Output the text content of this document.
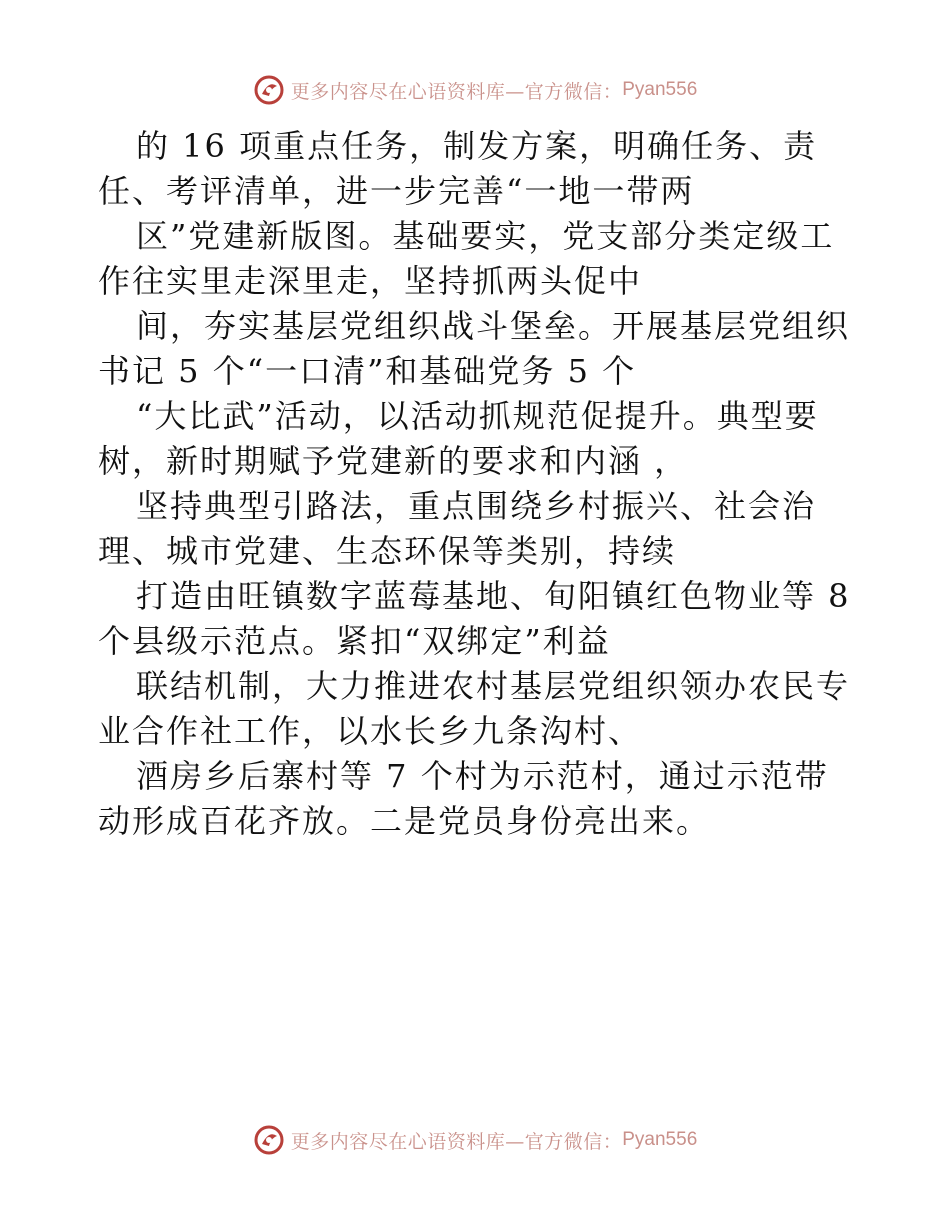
更多内容尽在心语资料库—官方微信： Pyan556
的 16 项重点任务，制发方案，明确任务、责
任、考评清单，进一步完善“一地一带两
区”党建新版图。基础要实，党支部分类定级工
作往实里走深里走，坚持抓两头促中
间，夯实基层党组织战斗堡垒。开展基层党组织
书记 5 个“一口清”和基础党务 5 个
“大比武”活动，以活动抓规范促提升。典型要
树，新时期赋予党建新的要求和内涵 ，
坚持典型引路法，重点围绕乡村振兴、社会治
理、城市党建、生态环保等类别，持续
打造由旺镇数字蓝莓基地、旬阳镇红色物业等 8
个县级示范点。紧扣“双绑定”利益
联结机制，大力推进农村基层党组织领办农民专
业合作社工作，以水长乡九条沟村、
酒房乡后寨村等 7 个村为示范村，通过示范带
动形成百花齐放。二是党员身份亮出来。
更多内容尽在心语资料库—官方微信： Pyan556
